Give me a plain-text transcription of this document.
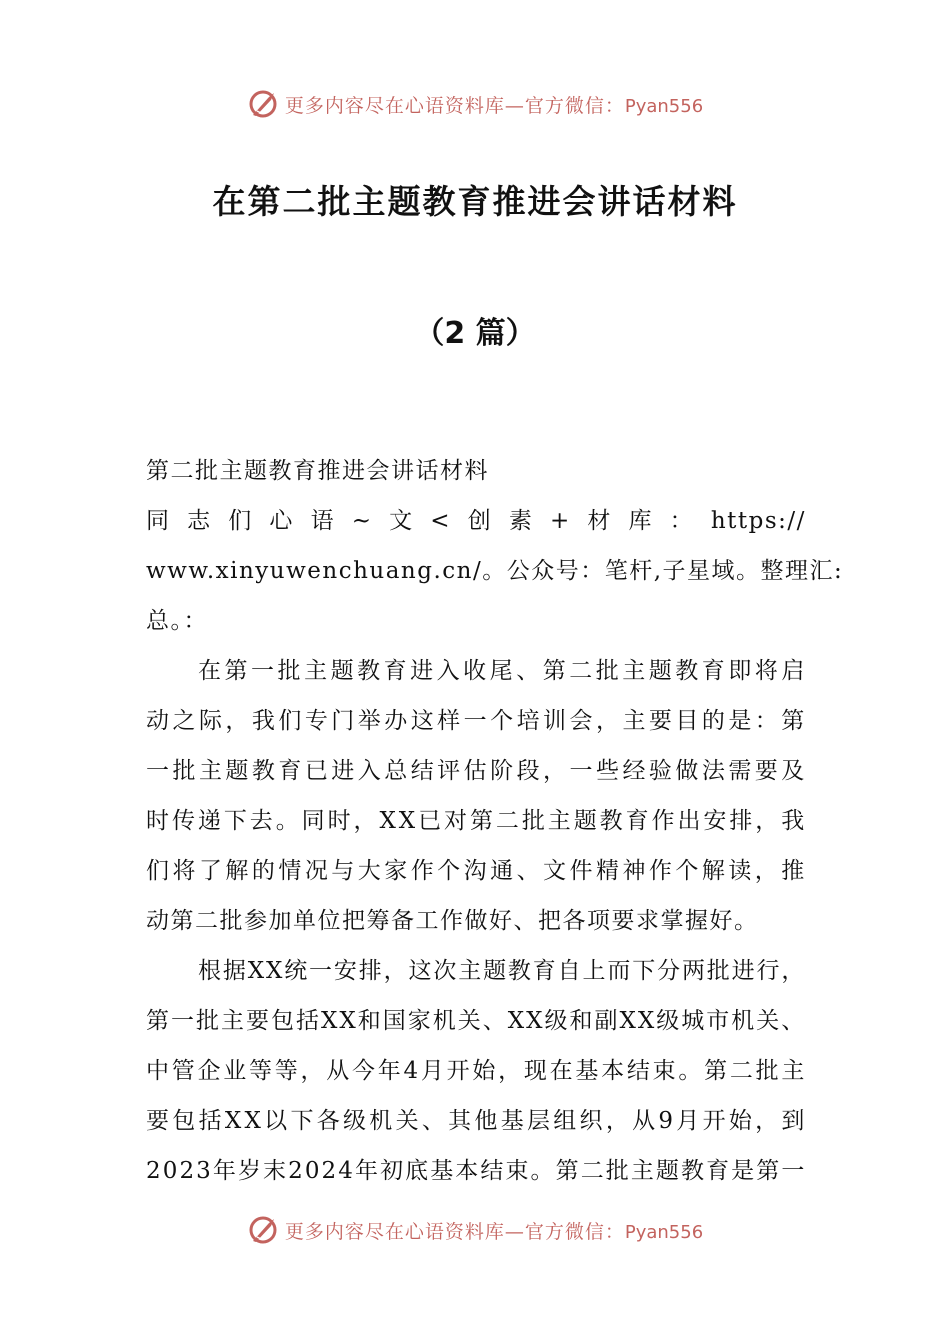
更多内容尽在心语资料库—官方微信：Pyan556
在第二批主题教育推进会讲话材料
（2 篇）

第二批主题教育推进会讲话材料

同 志 们 心 语 ~ 文 < 创 素 + 材 库 ： https://
www.xinyuwenchuang.cn/。公众号：笔杆,子星域。整理汇:
总。：

在 第 一 批 主 题 教 育 进 入 收 尾 、 第 二 批 主 题 教 育 即 将 启
动 之 际 ， 我 们 专 门 举 办 这 样 一 个 培 训 会 ， 主 要 目 的 是 ： 第
一 批 主 题 教 育 已 进 入 总 结 评 估 阶 段 ， 一 些 经 验 做 法 需 要 及
时 传 递 下 去 。 同 时 ， X X 已 对 第 二 批 主 题 教 育 作 出 安 排 ， 我
们 将 了 解 的 情 况 与 大 家 作 个 沟 通 、 文 件 精 神 作 个 解 读 ， 推
动第二批参加单位把筹备工作做好、把各项要求掌握好。

根 据 X X 统 一 安 排 ， 这 次 主 题 教 育 自 上 而 下 分 两 批 进 行 ，
第 一 批 主 要 包 括 X X 和 国 家 机 关 、 X X 级 和 副 X X 级 城 市 机 关 、
中 管 企 业 等 等 ， 从 今 年 4 月 开 始 ， 现 在 基 本 结 束 。 第 二 批 主
要 包 括 X X 以 下 各 级 机 关 、 其 他 基 层 组 织 ， 从 9 月 开 始 ， 到
2 0 2 3 年 岁 末 2 0 2 4 年 初 底 基 本 结 束 。 第 二 批 主 题 教 育 是 第 一

更多内容尽在心语资料库—官方微信：Pyan556
